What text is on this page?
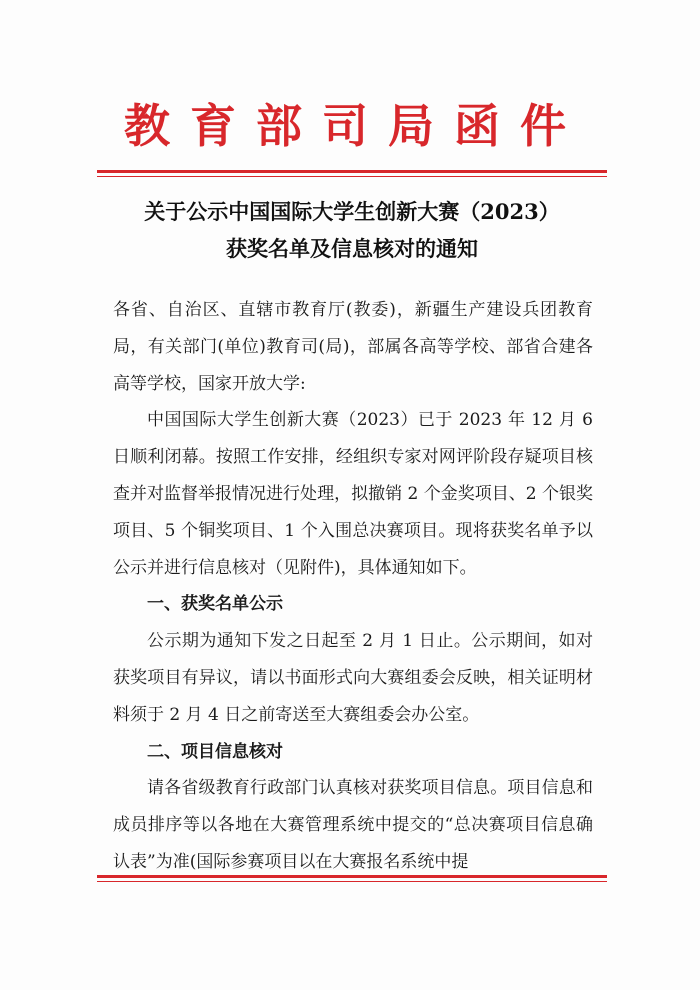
教育部司局函件
关于公示中国国际大学生创新大赛（2023）
获奖名单及信息核对的通知

各省、自治区、直辖市教育厅(教委)，新疆生产建设兵团教育局，有关部门(单位)教育司(局)，部属各高等学校、部省合建各高等学校，国家开放大学:

中国国际大学生创新大赛（2023）已于 2023 年 12 月 6 日顺利闭幕。按照工作安排，经组织专家对网评阶段存疑项目核查并对监督举报情况进行处理，拟撤销 2 个金奖项目、2 个银奖项目、5 个铜奖项目、1 个入围总决赛项目。现将获奖名单予以公示并进行信息核对（见附件)，具体通知如下。

一、获奖名单公示

公示期为通知下发之日起至 2 月 1 日止。公示期间，如对获奖项目有异议，请以书面形式向大赛组委会反映，相关证明材料须于 2 月 4 日之前寄送至大赛组委会办公室。

二、项目信息核对

请各省级教育行政部门认真核对获奖项目信息。项目信息和成员排序等以各地在大赛管理系统中提交的“总决赛项目信息确认表”为准(国际参赛项目以在大赛报名系统中提
